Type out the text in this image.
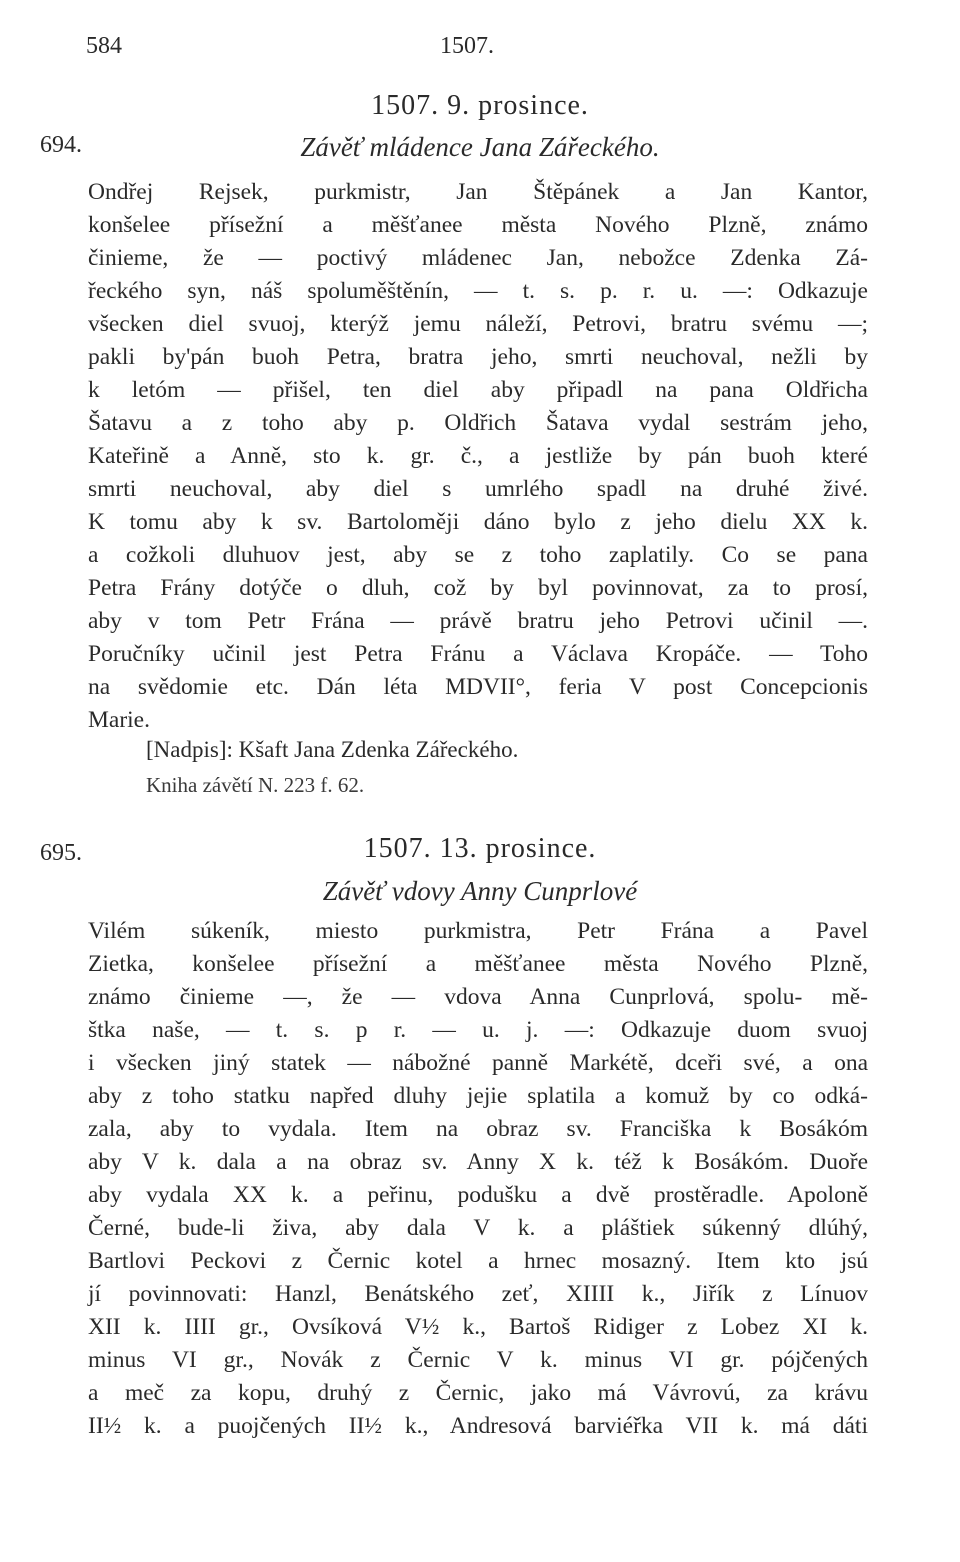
584	1507.
694.
1507. 9. prosince.
Závěť mládence Jana Zářeckého.
Ondřej Rejsek, purkmistr, Jan Štěpánek a Jan Kantor,
konšelee přísežní a měšťanee města Nového Plzně, známo
činieme, že — poctivý mládenec Jan, nebožce Zdenka Zá-
řeckého syn, náš spoluměštěnín, — t. s. p. r. u. —: Odkazuje
všecken diel svuoj, kterýž jemu náleží, Petrovi, bratru svému —;
pakli by'pán buoh Petra, bratra jeho, smrti neuchoval, nežli by
k letóm — přišel, ten diel aby připadl na pana Oldřicha
Šatavu a z toho aby p. Oldřich Šatava vydal sestrám jeho,
Kateřině a Anně, sto k. gr. č., a jestliže by pán buoh které
smrti neuchoval, aby diel s umrlého spadl na druhé živé.
K tomu aby k sv. Bartoloměji dáno bylo z jeho dielu XX k.
a cožkoli dluhuov jest, aby se z toho zaplatily. Co se pana
Petra Frány dotýče o dluh, což by byl povinnovat, za to prosí,
aby v tom Petr Frána — právě bratru jeho Petrovi učinil —.
Poručníky učinil jest Petra Fránu a Václava Kropáče. — Toho
na svědomie etc. Dán léta MDVII°, feria V post Concepcionis
Marie.
[Nadpis]: Kšaft Jana Zdenka Zářeckého.
Kniha závětí N. 223 f. 62.
695.	1507. 13. prosince.
Závěť vdovy Anny Cunprlové
Vilém súkeník, miesto purkmistra, Petr Frána a Pavel
Zietka, konšelee přísežní a měšťanee města Nového Plzně,
známo činieme —, že — vdova Anna Cunprlová, spolu- mě-
štka naše, — t. s. p r. — u. j. —: Odkazuje duom svuoj
i všecken jiný statek — nábožné panně Markétě, dceři své, a ona
aby z toho statku napřed dluhy jejie splatila a komuž by co odká-
zala, aby to vydala. Item na obraz sv. Franciška k Bosákóm
aby V k. dala a na obraz sv. Anny X k. též k Bosákóm. Duoře
aby vydala XX k. a peřinu, podušku a dvě prostěradle. Apoloně
Černé, bude-li živa, aby dala V k. a pláštiek súkenný dlúhý,
Bartlovi Peckovi z Černic kotel a hrnec mosazný. Item kto jsú
jí povinnovati: Hanzl, Benátského zeť, XIIII k., Jiřík z Línuov
XII k. IIII gr., Ovsíková V½ k., Bartoš Ridiger z Lobez XI k.
minus VI gr., Novák z Černic V k. minus VI gr. pójčených
a meč za kopu, druhý z Černic, jako má Vávrovú, za krávu
II½ k. a puojčených II½ k., Andresová barviéřka VII k. má dáti
